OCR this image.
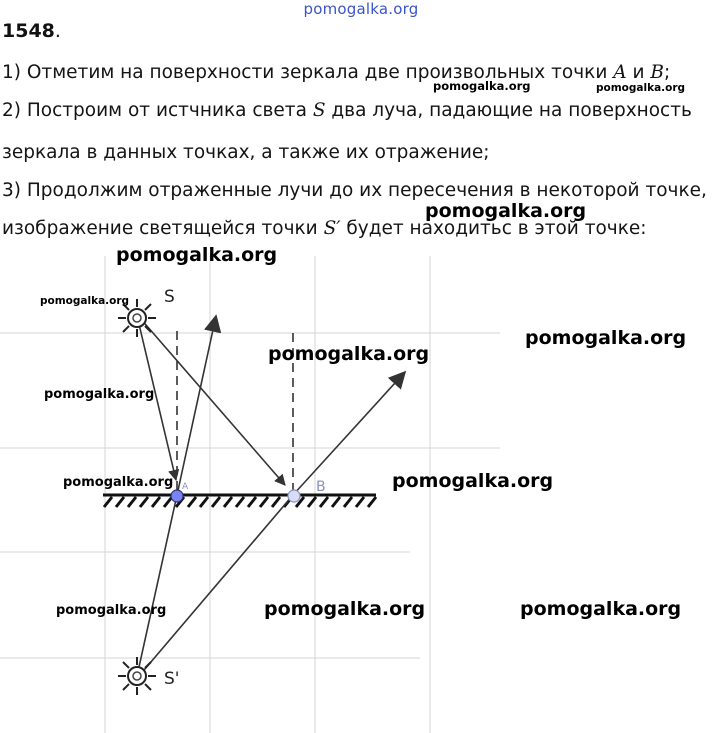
pomogalka.org
1548.
1) Отметим на поверхности зеркала две произвольных точки A и B;
2) Построим от истчника света S два луча, падающие на поверхность
зеркала в данных точках, а также их отражение;
3) Продолжим отраженные лучи до их пересечения в некоторой точке,
изображение светящейся точки S′ будет находитьс в этой точке:
S
B
A
S'
pomogalka.org	pomogalka.org
pomogalka.org
pomogalka.org
pomogalka.org
pomogalka.org
pomogalka.org
pomogalka.org
pomogalka.org	pomogalka.org
pomogalka.org	pomogalka.org	pomogalka.org
